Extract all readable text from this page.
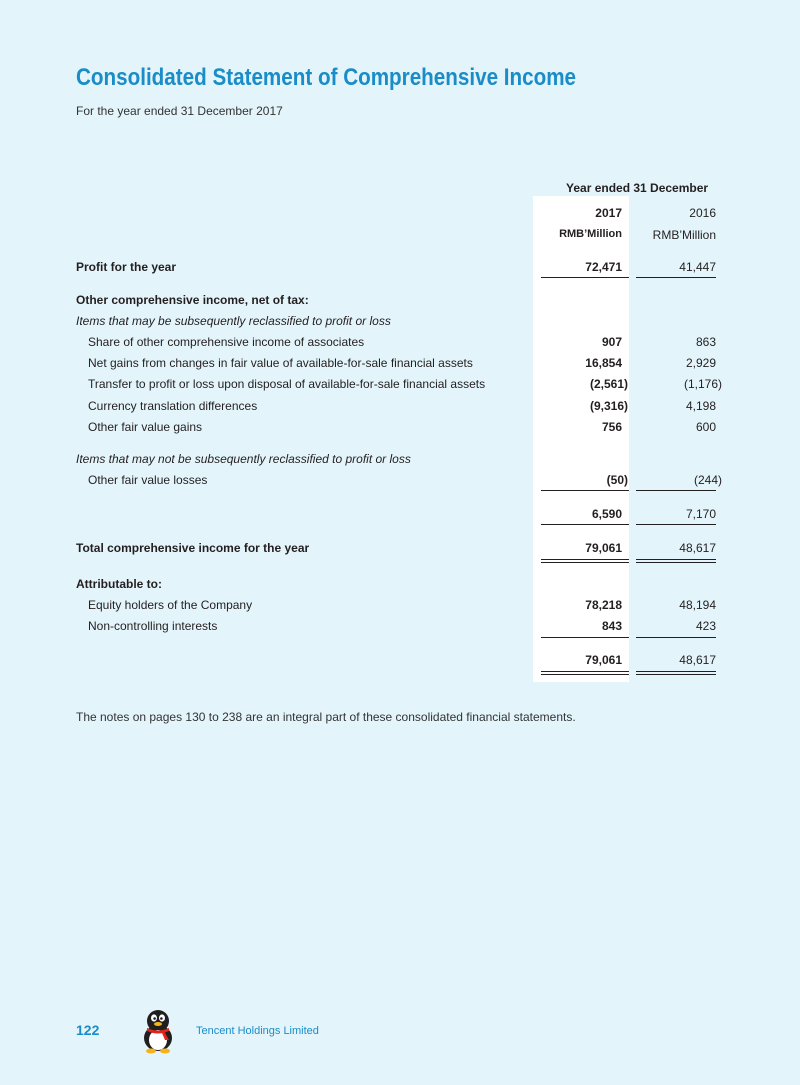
Consolidated Statement of Comprehensive Income
For the year ended 31 December 2017
Year ended 31 December
2017	2016
RMB’Million	RMB’Million
Profit for the year	72,471	41,447
Other comprehensive income, net of tax:
Items that may be subsequently reclassified to profit or loss
Share of other comprehensive income of associates	907	863
Net gains from changes in fair value of available-for-sale financial assets	16,854	2,929
Transfer to profit or loss upon disposal of available-for-sale financial assets	(2,561)	(1,176)
Currency translation differences	(9,316)	4,198
Other fair value gains	756	600
Items that may not be subsequently reclassified to profit or loss
Other fair value losses	(50)	(244)
6,590	7,170
Total comprehensive income for the year	79,061	48,617
Attributable to:
Equity holders of the Company	78,218	48,194
Non-controlling interests	843	423
79,061	48,617
The notes on pages 130 to 238 are an integral part of these consolidated financial statements.
122	Tencent Holdings Limited
